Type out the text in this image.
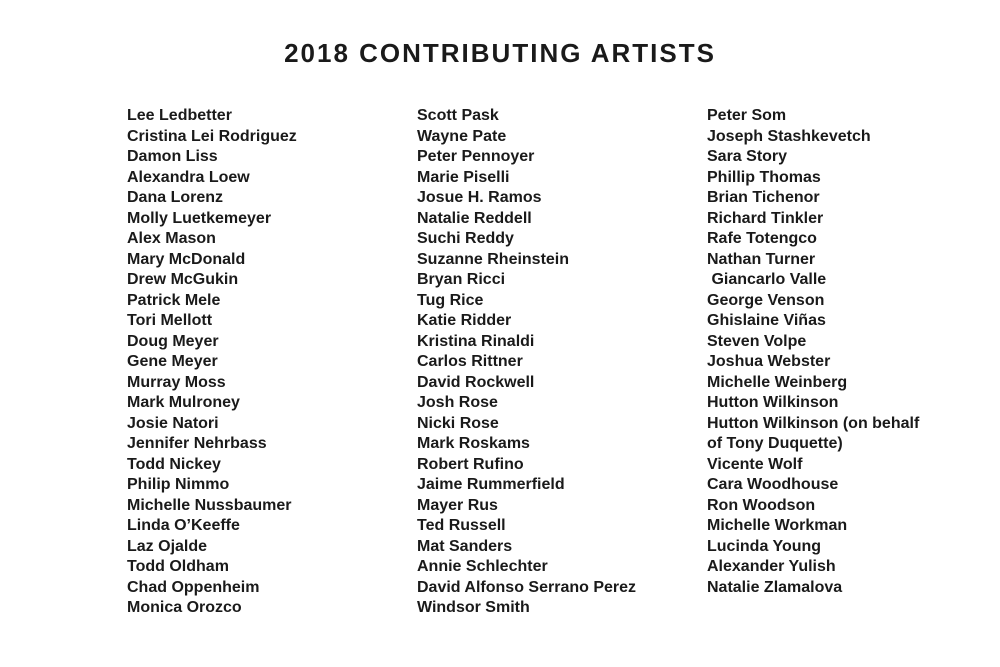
2018 CONTRIBUTING ARTISTS
Lee Ledbetter
Cristina Lei Rodriguez
Damon Liss
Alexandra Loew
Dana Lorenz
Molly Luetkemeyer
Alex Mason
Mary McDonald
Drew McGukin
Patrick Mele
Tori Mellott
Doug Meyer
Gene Meyer
Murray Moss
Mark Mulroney
Josie Natori
Jennifer Nehrbass
Todd Nickey
Philip Nimmo
Michelle Nussbaumer
Linda O’Keeffe
Laz Ojalde
Todd Oldham
Chad Oppenheim
Monica Orozco
Scott Pask
Wayne Pate
Peter Pennoyer
Marie Piselli
Josue H. Ramos
Natalie Reddell
Suchi Reddy
Suzanne Rheinstein
Bryan Ricci
Tug Rice
Katie Ridder
Kristina Rinaldi
Carlos Rittner
David Rockwell
Josh Rose
Nicki Rose
Mark Roskams
Robert Rufino
Jaime Rummerfield
Mayer Rus
Ted Russell
Mat Sanders
Annie Schlechter
David Alfonso Serrano Perez
Windsor Smith
Peter Som
Joseph Stashkevetch
Sara Story
Phillip Thomas
Brian Tichenor
Richard Tinkler
Rafe Totengco
Nathan Turner
Giancarlo Valle
George Venson
Ghislaine Viñas
Steven Volpe
Joshua Webster
Michelle Weinberg
Hutton Wilkinson
Hutton Wilkinson (on behalf of Tony Duquette)
Vicente Wolf
Cara Woodhouse
Ron Woodson
Michelle Workman
Lucinda Young
Alexander Yulish
Natalie Zlamalova
